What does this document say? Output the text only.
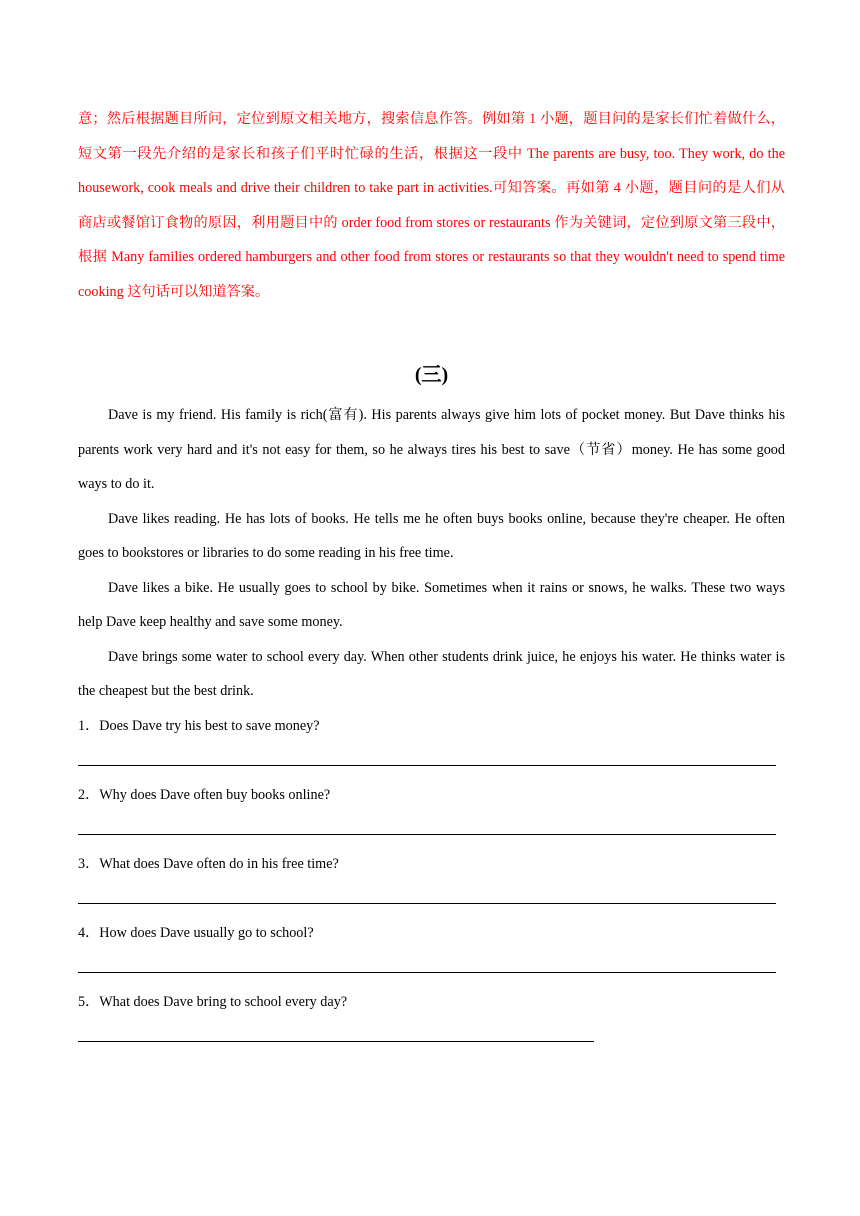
意；然后根据题目所问，定位到原文相关地方，搜索信息作答。例如第 1 小题，题目问的是家长们忙着做什么，短文第一段先介绍的是家长和孩子们平时忙碌的生活，根据这一段中 The parents are busy, too. They work, do the housework, cook meals and drive their children to take part in activities.可知答案。再如第 4 小题，题目问的是人们从商店或餐馆订食物的原因，利用题目中的 order food from stores or restaurants 作为关键词，定位到原文第三段中，根据 Many families ordered hamburgers and other food from stores or restaurants so that they wouldn't need to spend time cooking 这句话可以知道答案。
(三)
Dave is my friend. His family is rich(富有). His parents always give him lots of pocket money. But Dave thinks his parents work very hard and it's not easy for them, so he always tires his best to save（节省）money. He has some good ways to do it.
Dave likes reading. He has lots of books. He tells me he often buys books online, because they're cheaper. He often goes to bookstores or libraries to do some reading in his free time.
Dave likes a bike. He usually goes to school by bike. Sometimes when it rains or snows, he walks. These two ways help Dave keep healthy and save some money.
Dave brings some water to school every day. When other students drink juice, he enjoys his water. He thinks water is the cheapest but the best drink.
1．Does Dave try his best to save money?
2．Why does Dave often buy books online?
3．What does Dave often do in his free time?
4．How does Dave usually go to school?
5．What does Dave bring to school every day?
